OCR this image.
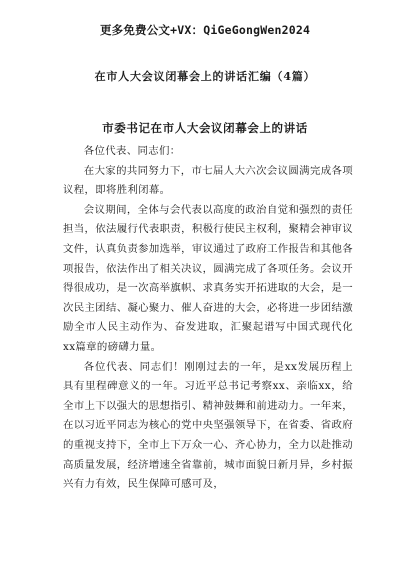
更多免费公文+VX：QiGeGongWen2024
在市人大会议闭幕会上的讲话汇编（4篇）
市委书记在市人大会议闭幕会上的讲话

各位代表、同志们：

在大家的共同努力下，市七届人大六次会议圆满完成各项议程，即将胜利闭幕。

会议期间，全体与会代表以高度的政治自觉和强烈的责任担当，依法履行代表职责，积极行使民主权利，聚精会神审议文件，认真负责参加选举，审议通过了政府工作报告和其他各项报告，依法作出了相关决议，圆满完成了各项任务。会议开得很成功，是一次高举旗帜、求真务实开拓进取的大会，是一次民主团结、凝心聚力、催人奋进的大会，必将进一步团结激励全市人民主动作为、奋发进取，汇聚起谱写中国式现代化xx篇章的磅礴力量。

各位代表、同志们！刚刚过去的一年，是xx发展历程上具有里程碑意义的一年。习近平总书记考察xx、亲临xx，给全市上下以强大的思想指引、精神鼓舞和前进动力。一年来，在以习近平同志为核心的党中央坚强领导下，在省委、省政府的重视支持下，全市上下万众一心、齐心协力，全力以赴推动高质量发展，经济增速全省靠前，城市面貌日新月异，乡村振兴有力有效，民生保障可感可及，
